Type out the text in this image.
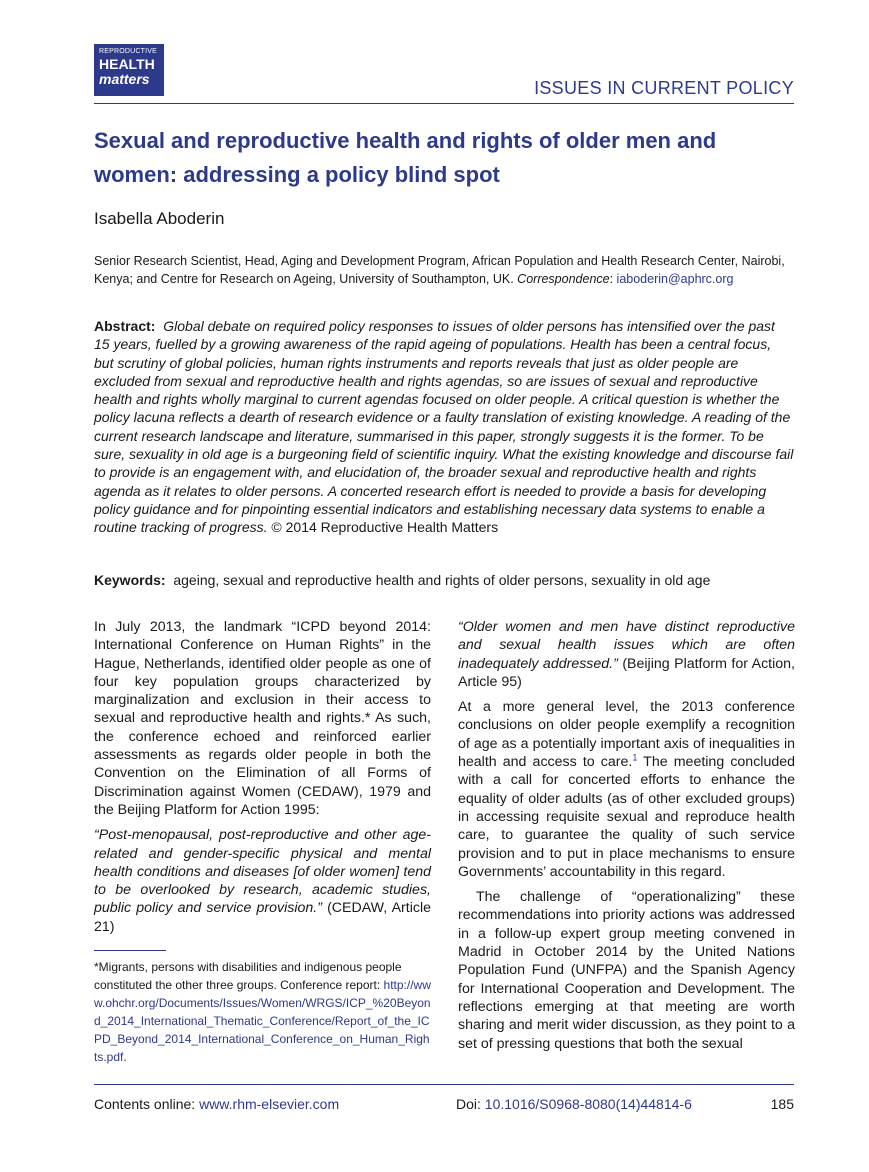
REPRODUCTIVE
HEALTH
matters	ISSUES IN CURRENT POLICY
Sexual and reproductive health and rights of older men and women: addressing a policy blind spot
Isabella Aboderin
Senior Research Scientist, Head, Aging and Development Program, African Population and Health Research Center, Nairobi, Kenya; and Centre for Research on Ageing, University of Southampton, UK. Correspondence: iaboderin@aphrc.org
Abstract: Global debate on required policy responses to issues of older persons has intensified over the past 15 years, fuelled by a growing awareness of the rapid ageing of populations. Health has been a central focus, but scrutiny of global policies, human rights instruments and reports reveals that just as older people are excluded from sexual and reproductive health and rights agendas, so are issues of sexual and reproductive health and rights wholly marginal to current agendas focused on older people. A critical question is whether the policy lacuna reflects a dearth of research evidence or a faulty translation of existing knowledge. A reading of the current research landscape and literature, summarised in this paper, strongly suggests it is the former. To be sure, sexuality in old age is a burgeoning field of scientific inquiry. What the existing knowledge and discourse fail to provide is an engagement with, and elucidation of, the broader sexual and reproductive health and rights agenda as it relates to older persons. A concerted research effort is needed to provide a basis for developing policy guidance and for pinpointing essential indicators and establishing necessary data systems to enable a routine tracking of progress. © 2014 Reproductive Health Matters
Keywords: ageing, sexual and reproductive health and rights of older persons, sexuality in old age

In July 2013, the landmark “ICPD beyond 2014: International Conference on Human Rights” in the Hague, Netherlands, identified older people as one of four key population groups characterized by marginalization and exclusion in their access to sexual and reproductive health and rights.* As such, the conference echoed and reinforced earlier assessments as regards older people in both the Convention on the Elimination of all Forms of Discrimination against Women (CEDAW), 1979 and the Beijing Platform for Action 1995:

“Post-menopausal, post-reproductive and other age-related and gender-specific physical and mental health conditions and diseases [of older women] tend to be overlooked by research, academic studies, public policy and service provision.” (CEDAW, Article 21)

“Older women and men have distinct reproductive and sexual health issues which are often inadequately addressed.” (Beijing Platform for Action, Article 95)

At a more general level, the 2013 conference conclusions on older people exemplify a recognition of age as a potentially important axis of inequalities in health and access to care.$^1$ The meeting concluded with a call for concerted efforts to enhance the equality of older adults (as of other excluded groups) in accessing requisite sexual and reproduce health care, to guarantee the quality of such service provision and to put in place mechanisms to ensure Governments’ accountability in this regard.

The challenge of “operationalizing” these recommendations into priority actions was addressed in a follow-up expert group meeting convened in Madrid in October 2014 by the United Nations Population Fund (UNFPA) and the Spanish Agency for International Cooperation and Development. The reflections emerging at that meeting are worth sharing and merit wider discussion, as they point to a set of pressing questions that both the sexual

*Migrants, persons with disabilities and indigenous people constituted the other three groups. Conference report: http://www.ohchr.org/Documents/Issues/Women/WRGS/ICP_%20Beyond_2014_International_Thematic_Conference/Report_of_the_ICPD_Beyond_2014_International_Conference_on_Human_Rights.pdf.
Contents online: www.rhm-elsevier.com	Doi: 10.1016/S0968-8080(14)44814-6	185
